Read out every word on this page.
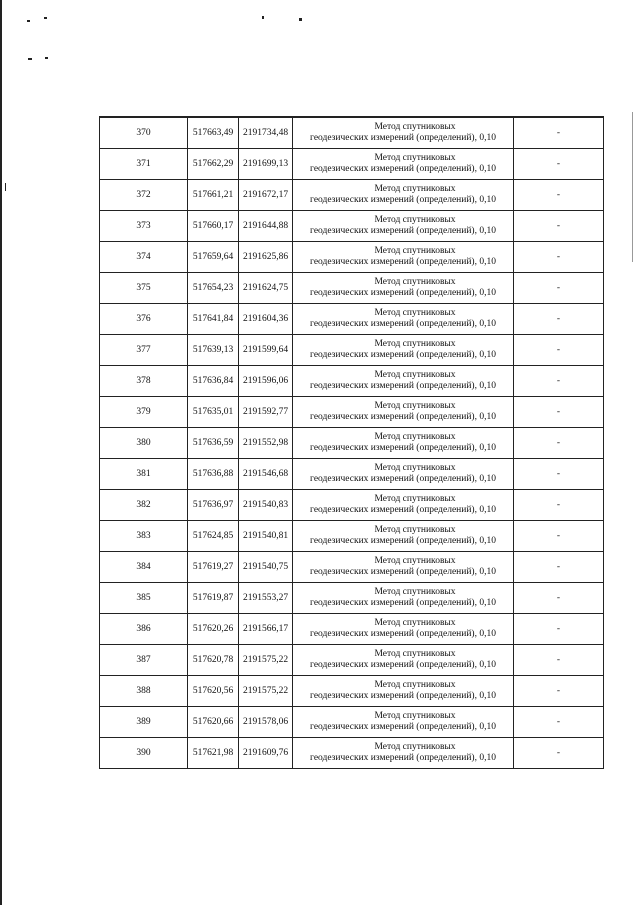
370	517663,49	2191734,48	Метод спутниковых
геодезических измерений (определений), 0,10	-
371	517662,29	2191699,13	Метод спутниковых
геодезических измерений (определений), 0,10	-
372	517661,21	2191672,17	Метод спутниковых
геодезических измерений (определений), 0,10	-
373	517660,17	2191644,88	Метод спутниковых
геодезических измерений (определений), 0,10	-
374	517659,64	2191625,86	Метод спутниковых
геодезических измерений (определений), 0,10	-
375	517654,23	2191624,75	Метод спутниковых
геодезических измерений (определений), 0,10	-
376	517641,84	2191604,36	Метод спутниковых
геодезических измерений (определений), 0,10	-
377	517639,13	2191599,64	Метод спутниковых
геодезических измерений (определений), 0,10	-
378	517636,84	2191596,06	Метод спутниковых
геодезических измерений (определений), 0,10	-
379	517635,01	2191592,77	Метод спутниковых
геодезических измерений (определений), 0,10	-
380	517636,59	2191552,98	Метод спутниковых
геодезических измерений (определений), 0,10	-
381	517636,88	2191546,68	Метод спутниковых
геодезических измерений (определений), 0,10	-
382	517636,97	2191540,83	Метод спутниковых
геодезических измерений (определений), 0,10	-
383	517624,85	2191540,81	Метод спутниковых
геодезических измерений (определений), 0,10	-
384	517619,27	2191540,75	Метод спутниковых
геодезических измерений (определений), 0,10	-
385	517619,87	2191553,27	Метод спутниковых
геодезических измерений (определений), 0,10	-
386	517620,26	2191566,17	Метод спутниковых
геодезических измерений (определений), 0,10	-
387	517620,78	2191575,22	Метод спутниковых
геодезических измерений (определений), 0,10	-
388	517620,56	2191575,22	Метод спутниковых
геодезических измерений (определений), 0,10	-
389	517620,66	2191578,06	Метод спутниковых
геодезических измерений (определений), 0,10	-
390	517621,98	2191609,76	Метод спутниковых
геодезических измерений (определений), 0,10	-
